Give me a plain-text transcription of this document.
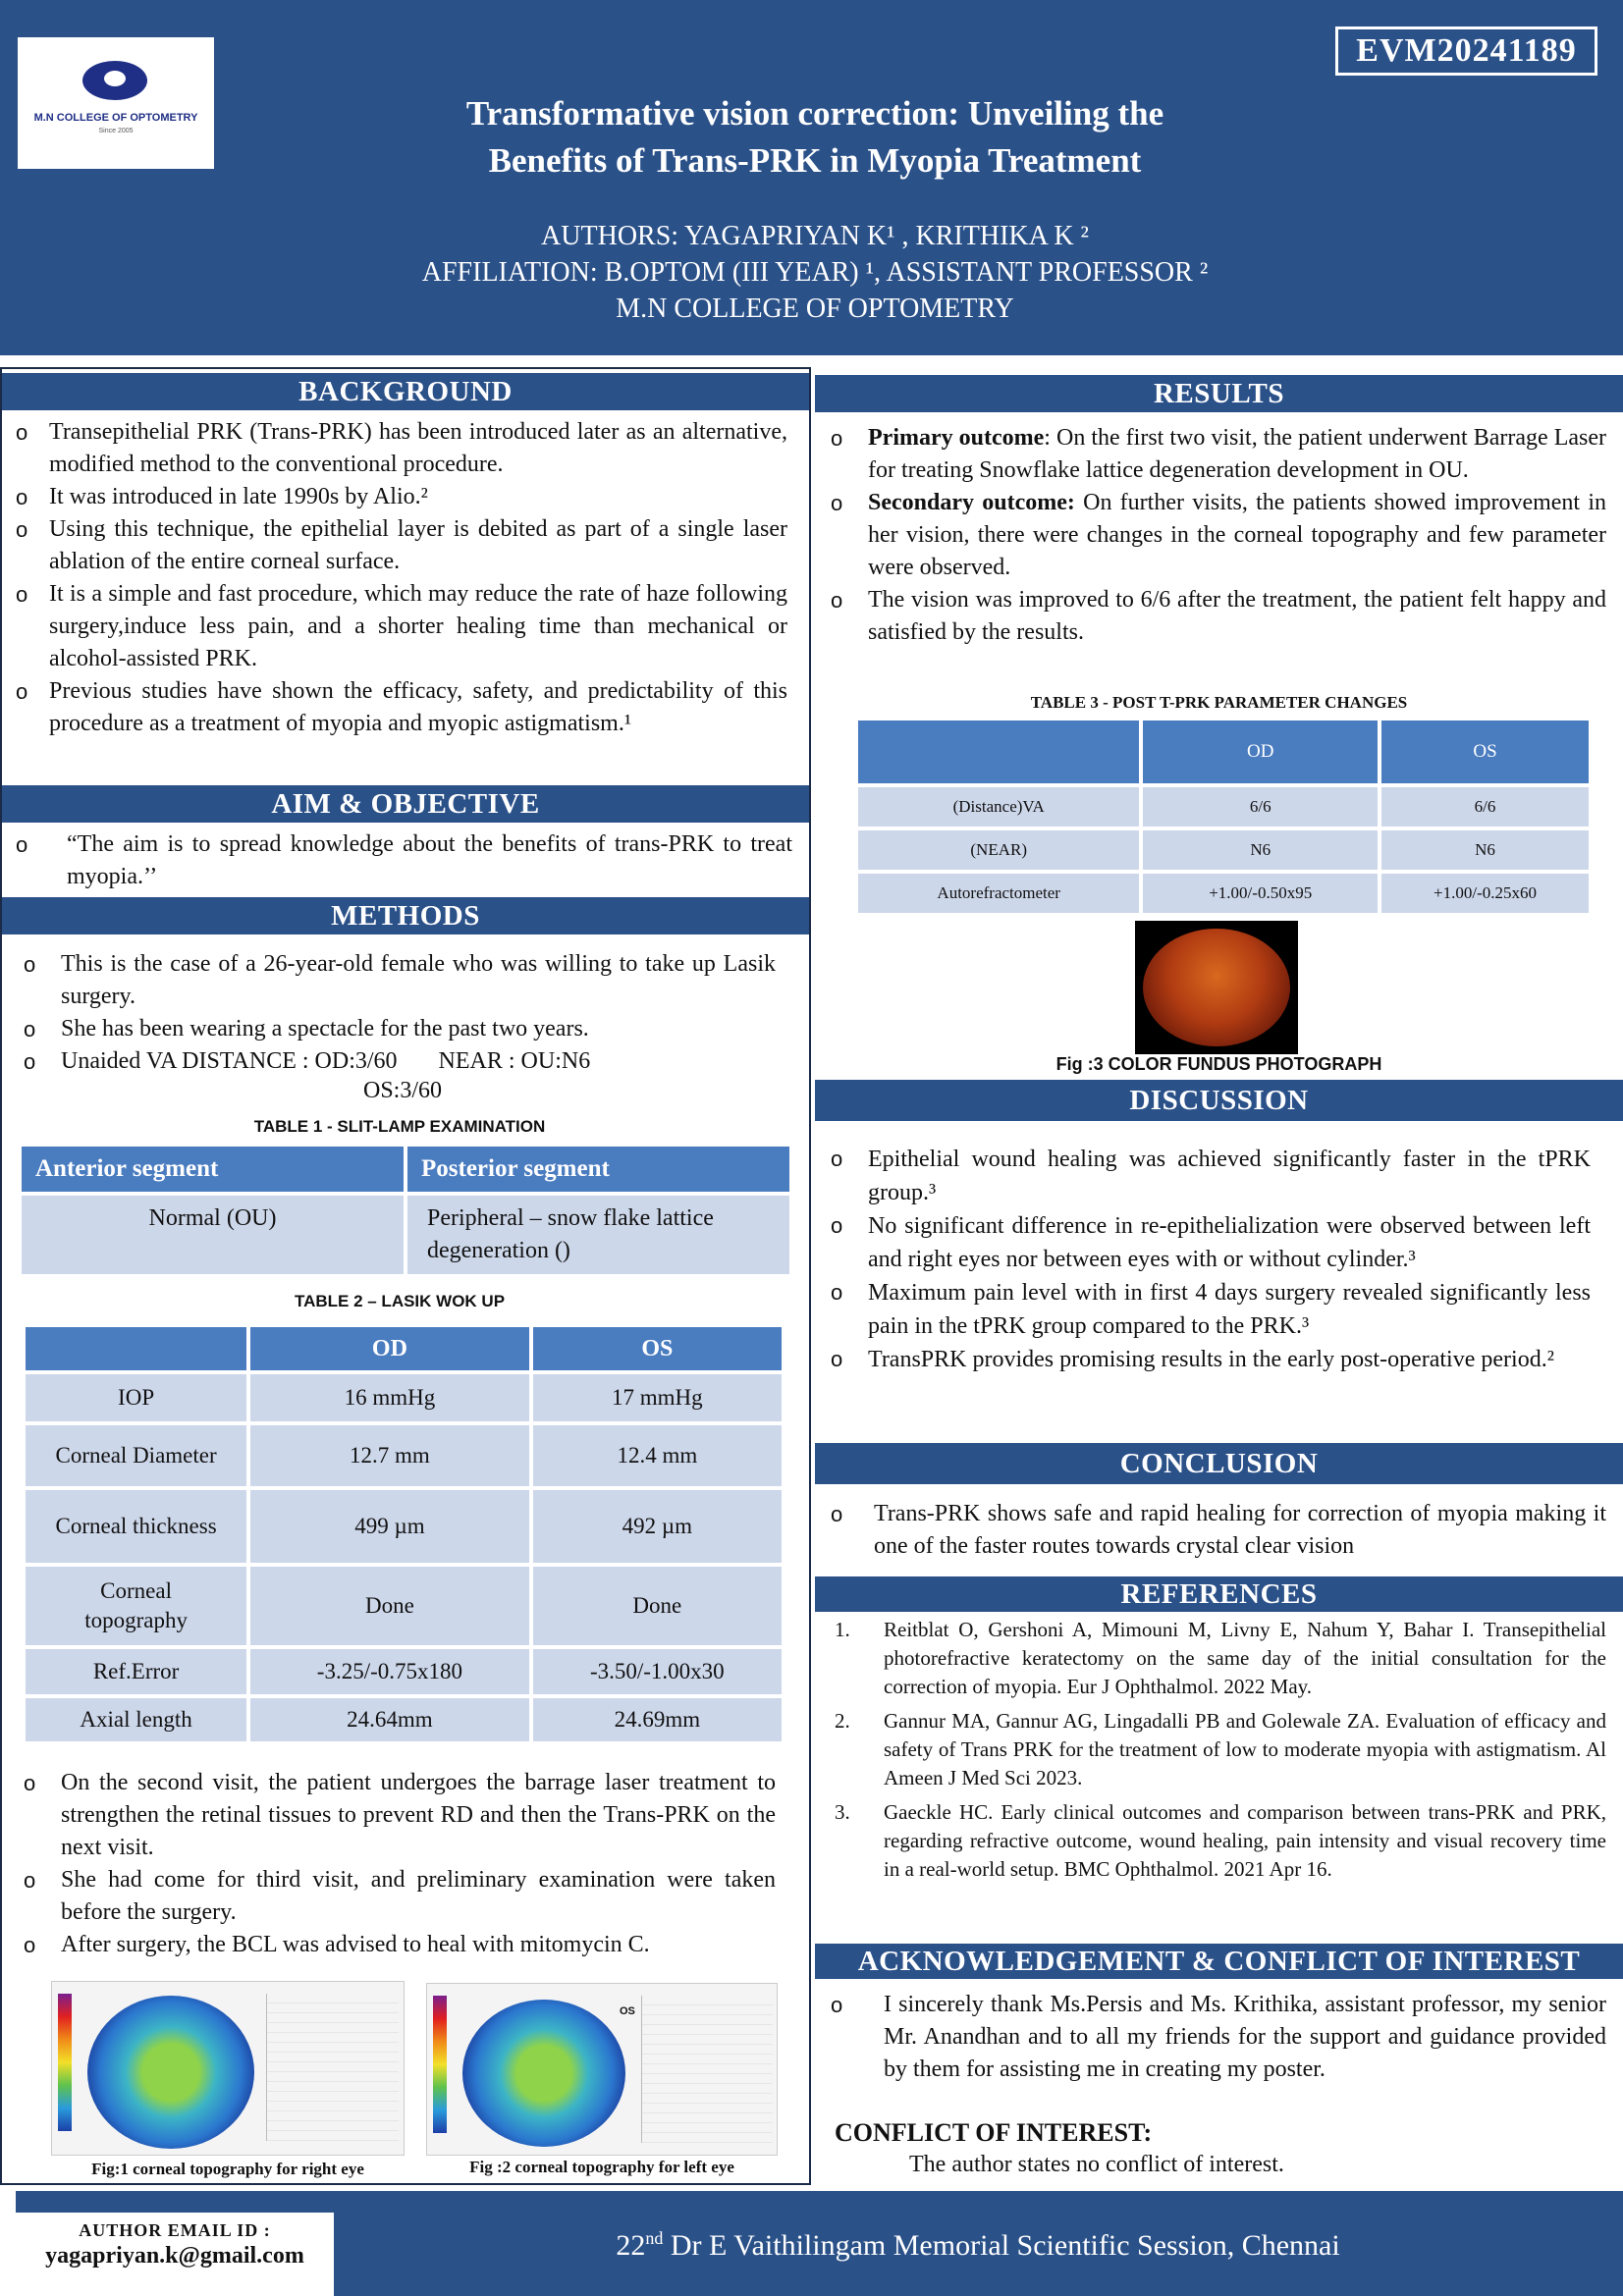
M.N COLLEGE OF OPTOMETRY
Since 2005
EVM20241189
Transformative vision correction: Unveiling the
Benefits of Trans-PRK in Myopia Treatment
AUTHORS: YAGAPRIYAN K¹ , KRITHIKA K ²
AFFILIATION: B.OPTOM (III YEAR) ¹, ASSISTANT PROFESSOR ²
M.N COLLEGE OF OPTOMETRY
BACKGROUND
o Transepithelial PRK (Trans-PRK) has been introduced later as an alternative, modified method to the conventional procedure.
o It was introduced in late 1990s by Alio.²
o Using this technique, the epithelial layer is debited as part of a single laser ablation of the entire corneal surface.
o It is a simple and fast procedure, which may reduce the rate of haze following surgery,induce less pain, and a shorter healing time than mechanical or alcohol-assisted PRK.
o Previous studies have shown the efficacy, safety, and predictability of this procedure as a treatment of myopia and myopic astigmatism.¹
AIM & OBJECTIVE
o “The aim is to spread knowledge about the benefits of trans-PRK to treat myopia.’’
METHODS
o This is the case of a 26-year-old female who was willing to take up Lasik surgery.
o She has been wearing a spectacle for the past two years.
o Unaided VA DISTANCE : OD:3/60       NEAR : OU:N6
OS:3/60
TABLE 1 - SLIT-LAMP EXAMINATION
Anterior segment	Posterior segment
Normal (OU)	Peripheral – snow flake lattice degeneration ()
TABLE 2 – LASIK WOK UP
	OD	OS
IOP	16 mmHg	17 mmHg
Corneal Diameter	12.7 mm	12.4 mm
Corneal thickness	499 µm	492 µm
Corneal topography	Done	Done
Ref.Error	-3.25/-0.75x180	-3.50/-1.00x30
Axial length	24.64mm	24.69mm
o On the second visit, the patient undergoes the barrage laser treatment to strengthen the retinal tissues to prevent RD and then the Trans-PRK on the next visit.
o She had come for third visit, and preliminary examination were taken before the surgery.
o After surgery, the BCL was advised to heal with mitomycin C.
Fig:1 corneal topography for right eye
OS
Fig :2 corneal topography for left eye
RESULTS
o Primary outcome: On the first two visit, the patient underwent Barrage Laser for treating Snowflake lattice degeneration development in OU.
o Secondary outcome: On further visits, the patients showed improvement in her vision, there were changes in the corneal topography and few parameter were observed.
o The vision was improved to 6/6 after the treatment, the patient felt happy and satisfied by the results.
TABLE 3 - POST T-PRK PARAMETER CHANGES
	OD	OS
(Distance)VA	6/6	6/6
(NEAR)	N6	N6
Autorefractometer	+1.00/-0.50x95	+1.00/-0.25x60
Fig :3 COLOR FUNDUS PHOTOGRAPH
DISCUSSION
o Epithelial wound healing was achieved significantly faster in the tPRK group.³
o No significant difference in re-epithelialization were observed between left and right eyes nor between eyes with or without cylinder.³
o Maximum pain level with in first 4 days surgery revealed significantly less pain in the tPRK group compared to the PRK.³
o TransPRK provides promising results in the early post-operative period.²
CONCLUSION
o Trans-PRK shows safe and rapid healing for correction of myopia making it one of the faster routes towards crystal clear vision
REFERENCES
1. Reitblat O, Gershoni A, Mimouni M, Livny E, Nahum Y, Bahar I. Transepithelial photorefractive keratectomy on the same day of the initial consultation for the correction of myopia. Eur J Ophthalmol. 2022 May.
2. Gannur MA, Gannur AG, Lingadalli PB and Golewale ZA. Evaluation of efficacy and safety of Trans PRK for the treatment of low to moderate myopia with astigmatism. Al Ameen J Med Sci 2023.
3. Gaeckle HC. Early clinical outcomes and comparison between trans-PRK and PRK, regarding refractive outcome, wound healing, pain intensity and visual recovery time in a real-world setup. BMC Ophthalmol. 2021 Apr 16.
ACKNOWLEDGEMENT & CONFLICT OF INTEREST
o I sincerely thank Ms.Persis and Ms. Krithika, assistant professor, my senior Mr. Anandhan and to all my friends for the support and guidance provided by them for assisting me in creating my poster.
CONFLICT OF INTEREST:
The author states no conflict of interest.
AUTHOR EMAIL ID :
yagapriyan.k@gmail.com	22nd Dr E Vaithilingam Memorial Scientific Session, Chennai
